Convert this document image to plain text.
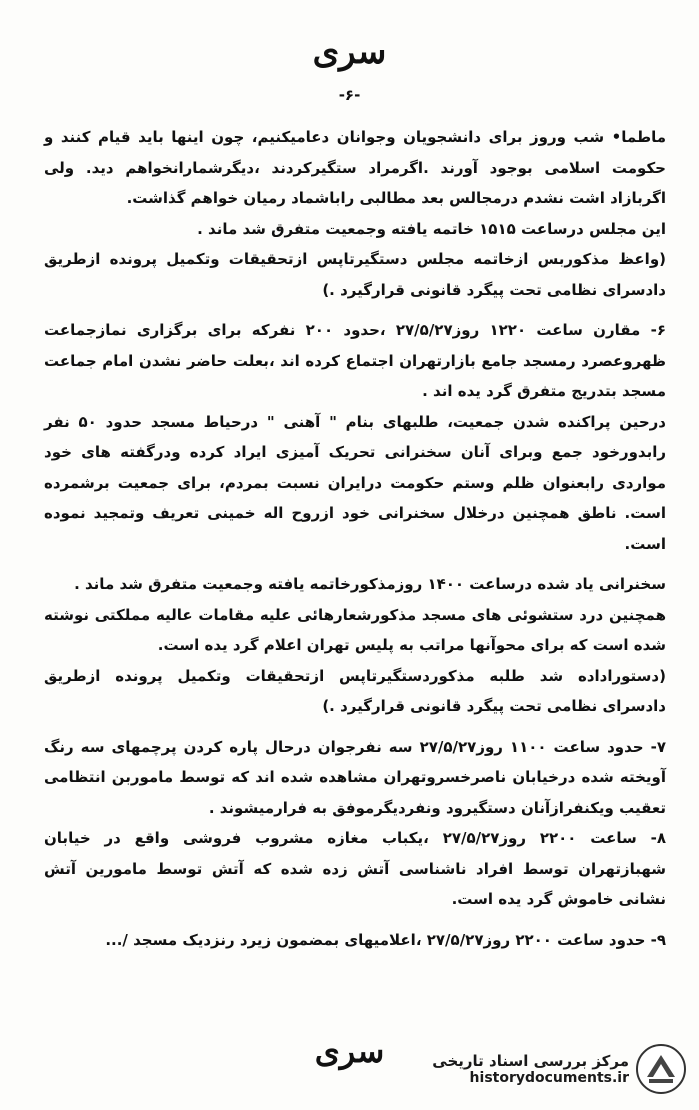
سری
-۶-

ماطما• شب وروز برای دانشجویان وجوانان دعامیکنیم، چون اینها باید قیام کنند و حکومت اسلامی بوجود آورند .اگرمراد ستگیرکردند ،دیگرشمارانخواهم دید. ولی اگربازاد اشت نشدم درمجالس بعد مطالبی راباشماد رمیان خواهم گذاشت.

این مجلس درساعت ۱۵۱۵ خاتمه یافته وجمعیت متفرق شد ماند .

(واعظ مذکوربس ازخاتمه مجلس دستگیرتاپس ازتحقیقات وتکمیل پرونده ازطریق دادسرای نظامی تحت پیگرد قانونی قرارگیرد .)

۶- مقارن ساعت ۱۲۲۰ روز۲۷/۵/۲۷ ،حدود ۲۰۰ نفرکه برای برگزاری نمازجماعت ظهروعصرد رمسجد جامع بازارتهران اجتماع کرده اند ،بعلت حاضر نشدن امام جماعت مسجد بتدریج متفرق گرد یده اند .

درحین پراکنده شدن جمعیت، طلبهای بنام " آهنی " درحیاط مسجد حدود ۵۰ نفر رابدورخود جمع وبرای آنان سخنرانی تحریک آمیزی ایراد کرده ودرگفته های خود مواردی رابعنوان ظلم وستم حکومت درایران نسبت بمردم، برای جمعیت برشمرده است. ناطق همچنین درخلال سخنرانی خود ازروح اله خمینی تعریف وتمجید نموده است.

سخنرانی یاد شده درساعت ۱۴۰۰ روزمذکورخاتمه یافته وجمعیت متفرق شد ماند .

همچنین درد ستشوئی های مسجد مذکورشعارهائی علیه مقامات عالیه مملکتی نوشته شده است که برای محوآنها مراتب به پلیس تهران اعلام گرد یده است.

(دستوراداده شد طلبه مذکوردستگیرتاپس ازتحقیقات وتکمیل پرونده ازطریق دادسرای نظامی تحت پیگرد قانونی قرارگیرد .)

۷- حدود ساعت ۱۱۰۰ روز۲۷/۵/۲۷ سه نفرجوان درحال پاره کردن پرچمهای سه رنگ آویخته شده درخیابان ناصرخسروتهران مشاهده شده اند که توسط ماموربن انتظامی تعقیب ویکنفرازآنان دستگیرود ونفردیگرموفق به فرارمیشوند .

۸- ساعت ۲۲۰۰ روز۲۷/۵/۲۷ ،یکباب مغازه مشروب فروشی واقع در خیابان شهبازتهران توسط افراد ناشناسی آتش زده شده که آتش توسط مامورین آتش نشانی خاموش گرد یده است.

۹- حدود ساعت ۲۲۰۰ روز۲۷/۵/۲۷ ،اعلامیهای بمضمون زیرد رنزدیک مسجد /...

سری	مرکز بررسی اسناد تاریخی
historydocuments.ir
